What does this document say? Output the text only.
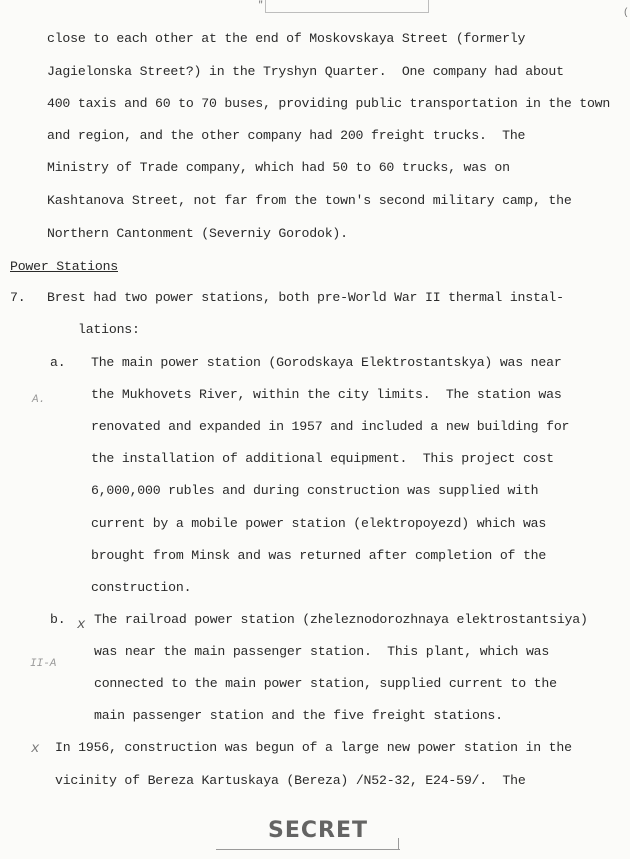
"
(
close to each other at the end of Moskovskaya Street (formerly
Jagielonska Street?) in the Tryshyn Quarter.  One company had about
400 taxis and 60 to 70 buses, providing public transportation in the town
and region, and the other company had 200 freight trucks.  The
Ministry of Trade company, which had 50 to 60 trucks, was on
Kashtanova Street, not far from the town's second military camp, the
Northern Cantonment (Severniy Gorodok).
Power Stations
7. Brest had two power stations, both pre-World War II thermal instal-
lations:
a.
A.
The main power station (Gorodskaya Elektrostantskya) was near
the Mukhovets River, within the city limits.  The station was
renovated and expanded in 1957 and included a new building for
the installation of additional equipment.  This project cost
6,000,000 rubles and during construction was supplied with
current by a mobile power station (elektropoyezd) which was
brought from Minsk and was returned after completion of the
construction.
b. x
II-A
The railroad power station (zheleznodorozhnaya elektrostantsiya)
was near the main passenger station.  This plant, which was
connected to the main power station, supplied current to the
main passenger station and the five freight stations.
x In 1956, construction was begun of a large new power station in the
vicinity of Bereza Kartuskaya (Bereza) /N52-32, E24-59/.  The
SECRET
